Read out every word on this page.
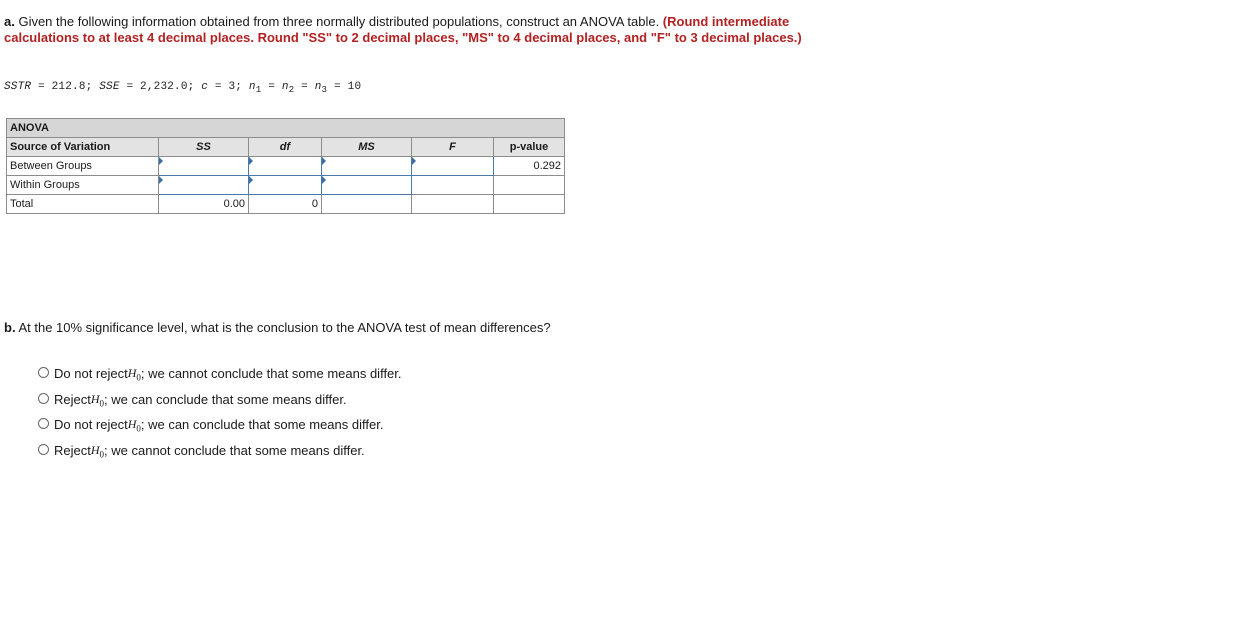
a. Given the following information obtained from three normally distributed populations, construct an ANOVA table. (Round intermediate calculations to at least 4 decimal places. Round "SS" to 2 decimal places, "MS" to 4 decimal places, and "F" to 3 decimal places.)
SSTR = 212.8; SSE = 2,232.0; c = 3; $n_1 = n_2 = n_3 = 10$
ANOVA					
Source of Variation	SS	df	MS	F	p-value
Between Groups					0.292
Within Groups					
Total	0.00	0			
b. At the 10% significance level, what is the conclusion to the ANOVA test of mean differences?
Do not reject $H_0$ ; we cannot conclude that some means differ.
Reject $H_0$ ; we can conclude that some means differ.
Do not reject $H_0$ ; we can conclude that some means differ.
Reject $H_0$ ; we cannot conclude that some means differ.
